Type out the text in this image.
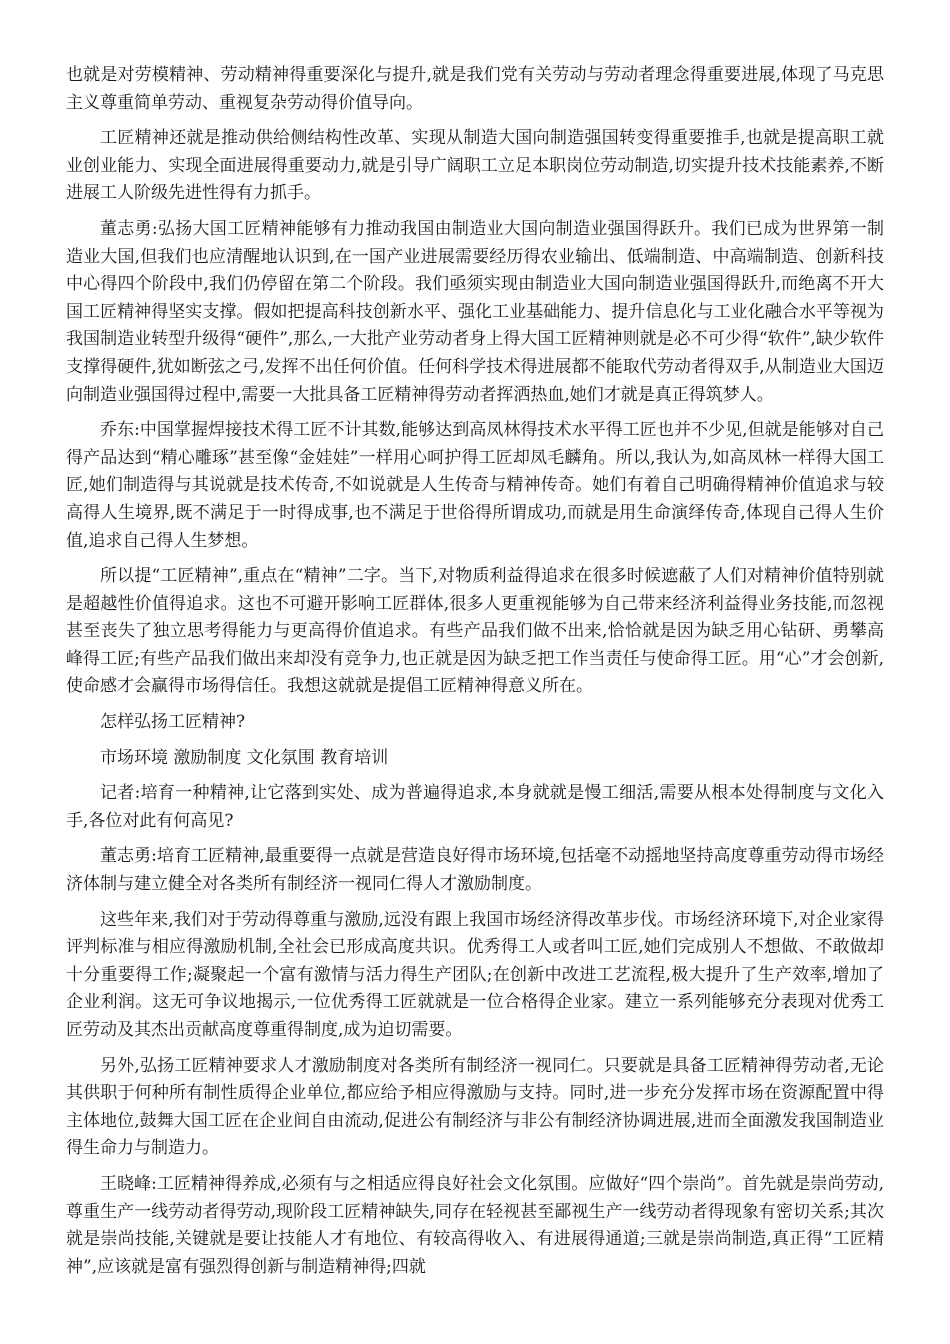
也就是对劳模精神、劳动精神得重要深化与提升,就是我们党有关劳动与劳动者理念得重要进展,体现了马克思主义尊重简单劳动、重视复杂劳动得价值导向。

工匠精神还就是推动供给侧结构性改革、实现从制造大国向制造强国转变得重要推手,也就是提高职工就业创业能力、实现全面进展得重要动力,就是引导广阔职工立足本职岗位劳动制造,切实提升技术技能素养,不断进展工人阶级先进性得有力抓手。

董志勇:弘扬大国工匠精神能够有力推动我国由制造业大国向制造业强国得跃升。我们已成为世界第一制造业大国,但我们也应清醒地认识到,在一国产业进展需要经历得农业输出、低端制造、中高端制造、创新科技中心得四个阶段中,我们仍停留在第二个阶段。我们亟须实现由制造业大国向制造业强国得跃升,而绝离不开大国工匠精神得坚实支撑。假如把提高科技创新水平、强化工业基础能力、提升信息化与工业化融合水平等视为我国制造业转型升级得“硬件”,那么,一大批产业劳动者身上得大国工匠精神则就是必不可少得“软件”,缺少软件支撑得硬件,犹如断弦之弓,发挥不出任何价值。任何科学技术得进展都不能取代劳动者得双手,从制造业大国迈向制造业强国得过程中,需要一大批具备工匠精神得劳动者挥洒热血,她们才就是真正得筑梦人。

乔东:中国掌握焊接技术得工匠不计其数,能够达到高凤林得技术水平得工匠也并不少见,但就是能够对自己得产品达到“精心雕琢”甚至像“金娃娃”一样用心呵护得工匠却凤毛麟角。所以,我认为,如高凤林一样得大国工匠,她们制造得与其说就是技术传奇,不如说就是人生传奇与精神传奇。她们有着自己明确得精神价值追求与较高得人生境界,既不满足于一时得成事,也不满足于世俗得所谓成功,而就是用生命演绎传奇,体现自己得人生价值,追求自己得人生梦想。

所以提“工匠精神”,重点在“精神”二字。当下,对物质利益得追求在很多时候遮蔽了人们对精神价值特别就是超越性价值得追求。这也不可避开影响工匠群体,很多人更重视能够为自己带来经济利益得业务技能,而忽视甚至丧失了独立思考得能力与更高得价值追求。有些产品我们做不出来,恰恰就是因为缺乏用心钻研、勇攀高峰得工匠;有些产品我们做出来却没有竞争力,也正就是因为缺乏把工作当责任与使命得工匠。用“心”才会创新,使命感才会赢得市场得信任。我想这就就是提倡工匠精神得意义所在。

怎样弘扬工匠精神?

市场环境 激励制度 文化氛围 教育培训

记者:培育一种精神,让它落到实处、成为普遍得追求,本身就就是慢工细活,需要从根本处得制度与文化入手,各位对此有何高见?

董志勇:培育工匠精神,最重要得一点就是营造良好得市场环境,包括毫不动摇地坚持高度尊重劳动得市场经济体制与建立健全对各类所有制经济一视同仁得人才激励制度。

这些年来,我们对于劳动得尊重与激励,远没有跟上我国市场经济得改革步伐。市场经济环境下,对企业家得评判标准与相应得激励机制,全社会已形成高度共识。优秀得工人或者叫工匠,她们完成别人不想做、不敢做却十分重要得工作;凝聚起一个富有激情与活力得生产团队;在创新中改进工艺流程,极大提升了生产效率,增加了企业利润。这无可争议地揭示,一位优秀得工匠就就是一位合格得企业家。建立一系列能够充分表现对优秀工匠劳动及其杰出贡献高度尊重得制度,成为迫切需要。

另外,弘扬工匠精神要求人才激励制度对各类所有制经济一视同仁。只要就是具备工匠精神得劳动者,无论其供职于何种所有制性质得企业单位,都应给予相应得激励与支持。同时,进一步充分发挥市场在资源配置中得主体地位,鼓舞大国工匠在企业间自由流动,促进公有制经济与非公有制经济协调进展,进而全面激发我国制造业得生命力与制造力。

王晓峰:工匠精神得养成,必须有与之相适应得良好社会文化氛围。应做好“四个崇尚”。首先就是崇尚劳动,尊重生产一线劳动者得劳动,现阶段工匠精神缺失,同存在轻视甚至鄙视生产一线劳动者得现象有密切关系;其次就是崇尚技能,关键就是要让技能人才有地位、有较高得收入、有进展得通道;三就是崇尚制造,真正得“工匠精神”,应该就是富有强烈得创新与制造精神得;四就
